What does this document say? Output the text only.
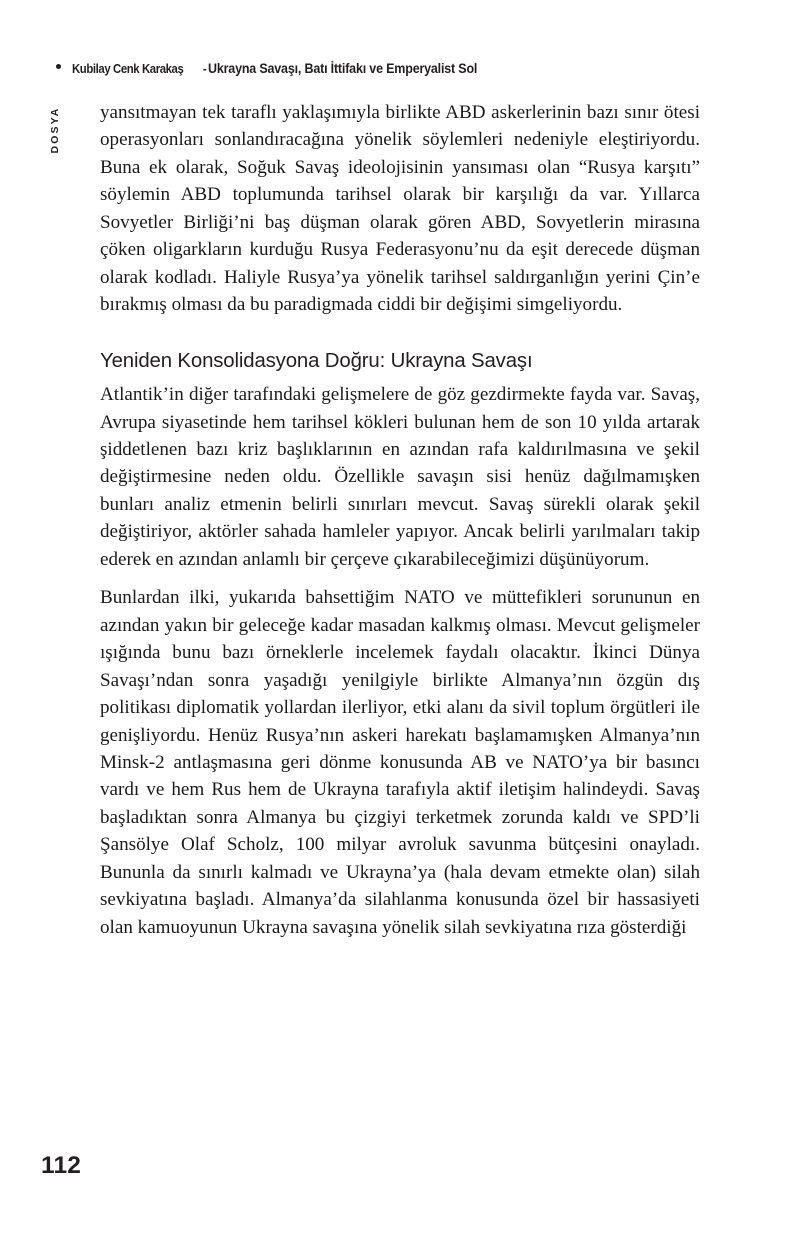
Kubilay Cenk Karakaş - Ukrayna Savaşı, Batı İttifakı ve Emperyalist Sol
DOSYA yansıtmayan tek taraflı yaklaşımıyla birlikte ABD askerlerinin bazı sınır ötesi operasyonları sonlandıracağına yönelik söylemleri nedeniyle eleştiriyordu. Buna ek olarak, Soğuk Savaş ideolojisinin yansıması olan “Rusya karşıtı” söylemin ABD toplumunda tarihsel olarak bir karşılığı da var. Yıllarca Sovyetler Birliği’ni baş düşman olarak gören ABD, Sovyetlerin mirasına çöken oligarkların kurduğu Rusya Federasyonu’nu da eşit derecede düşman olarak kodladı. Haliyle Rusya’ya yönelik tarihsel saldırganlığın yerini Çin’e bırakmış olması da bu paradigmada ciddi bir değişimi simgeliyordu.

Yeniden Konsolidasyona Doğru: Ukrayna Savaşı

Atlantik’in diğer tarafındaki gelişmelere de göz gezdirmekte fayda var. Savaş, Avrupa siyasetinde hem tarihsel kökleri bulunan hem de son 10 yılda artarak şiddetlenen bazı kriz başlıklarının en azından rafa kaldırılmasına ve şekil değiştirmesine neden oldu. Özellikle savaşın sisi henüz dağılmamışken bunları analiz etmenin belirli sınırları mevcut. Savaş sürekli olarak şekil değiştiriyor, aktörler sahada hamleler yapıyor. Ancak belirli yarılmaları takip ederek en azından anlamlı bir çerçeve çıkarabileceğimizi düşünüyorum.

Bunlardan ilki, yukarıda bahsettiğim NATO ve müttefikleri sorununun en azından yakın bir geleceğe kadar masadan kalkmış olması. Mevcut gelişmeler ışığında bunu bazı örneklerle incelemek faydalı olacaktır. İkinci Dünya Savaşı’ndan sonra yaşadığı yenilgiyle birlikte Almanya’nın özgün dış politikası diplomatik yollardan ilerliyor, etki alanı da sivil toplum örgütleri ile genişliyordu. Henüz Rusya’nın askeri harekatı başlamamışken Almanya’nın Minsk-2 antlaşmasına geri dönme konusunda AB ve NATO’ya bir basıncı vardı ve hem Rus hem de Ukrayna tarafıyla aktif iletişim halindeydi. Savaş başladıktan sonra Almanya bu çizgiyi terketmek zorunda kaldı ve SPD’li Şansölye Olaf Scholz, 100 milyar avroluk savunma bütçesini onayladı. Bununla da sınırlı kalmadı ve Ukrayna’ya (hala devam etmekte olan) silah sevkiyatına başladı. Almanya’da silahlanma konusunda özel bir hassasiyeti olan kamuoyunun Ukrayna savaşına yönelik silah sevkiyatına rıza gösterdiği

112
